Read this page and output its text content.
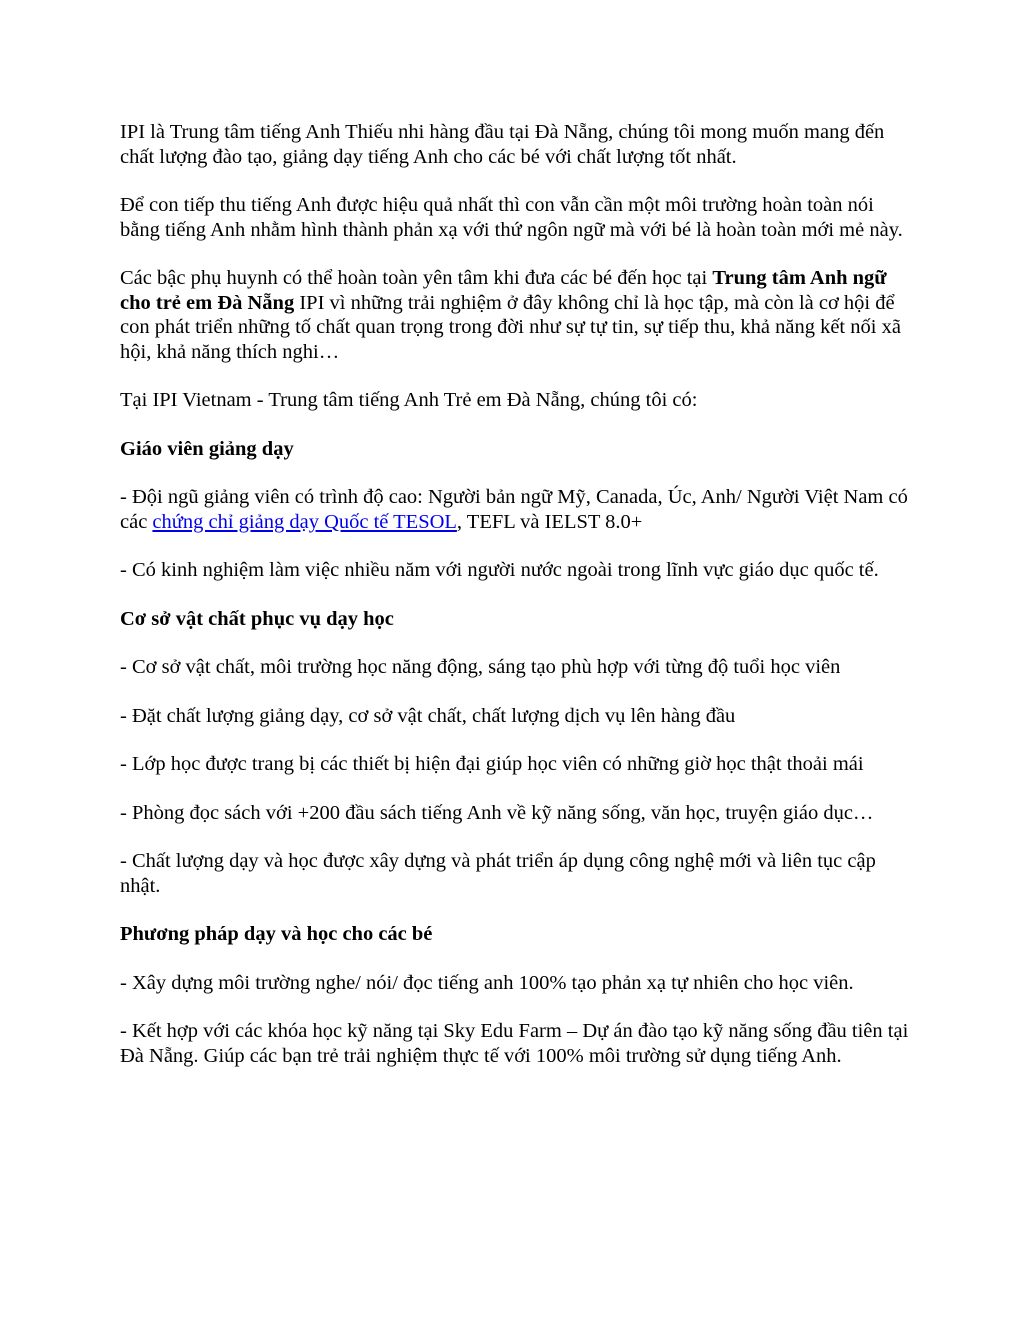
IPI là Trung tâm tiếng Anh Thiếu nhi hàng đầu tại Đà Nẵng, chúng tôi mong muốn mang đến chất lượng đào tạo, giảng dạy tiếng Anh cho các bé với chất lượng tốt nhất.

Để con tiếp thu tiếng Anh được hiệu quả nhất thì con vẫn cần một môi trường hoàn toàn nói bằng tiếng Anh nhằm hình thành phản xạ với thứ ngôn ngữ mà với bé là hoàn toàn mới mẻ này.

Các bậc phụ huynh có thể hoàn toàn yên tâm khi đưa các bé đến học tại Trung tâm Anh ngữ cho trẻ em Đà Nẵng IPI vì những trải nghiệm ở đây không chỉ là học tập, mà còn là cơ hội để con phát triển những tố chất quan trọng trong đời như sự tự tin, sự tiếp thu, khả năng kết nối xã hội, khả năng thích nghi…

Tại IPI Vietnam - Trung tâm tiếng Anh Trẻ em Đà Nẵng, chúng tôi có:

Giáo viên giảng dạy

- Đội ngũ giảng viên có trình độ cao: Người bản ngữ Mỹ, Canada, Úc, Anh/ Người Việt Nam có các chứng chỉ giảng dạy Quốc tế TESOL, TEFL và IELST 8.0+

- Có kinh nghiệm làm việc nhiều năm với người nước ngoài trong lĩnh vực giáo dục quốc tế.

Cơ sở vật chất phục vụ dạy học

- Cơ sở vật chất, môi trường học năng động, sáng tạo phù hợp với từng độ tuổi học viên

- Đặt chất lượng giảng dạy, cơ sở vật chất, chất lượng dịch vụ lên hàng đầu

- Lớp học được trang bị các thiết bị hiện đại giúp học viên có những giờ học thật thoải mái

- Phòng đọc sách với +200 đầu sách tiếng Anh về kỹ năng sống, văn học, truyện giáo dục…

- Chất lượng dạy và học được xây dựng và phát triển áp dụng công nghệ mới và liên tục cập nhật.

Phương pháp dạy và học cho các bé

- Xây dựng môi trường nghe/ nói/ đọc tiếng anh 100% tạo phản xạ tự nhiên cho học viên.

- Kết hợp với các khóa học kỹ năng tại Sky Edu Farm – Dự án đào tạo kỹ năng sống đầu tiên tại Đà Nẵng. Giúp các bạn trẻ trải nghiệm thực tế với 100% môi trường sử dụng tiếng Anh.
